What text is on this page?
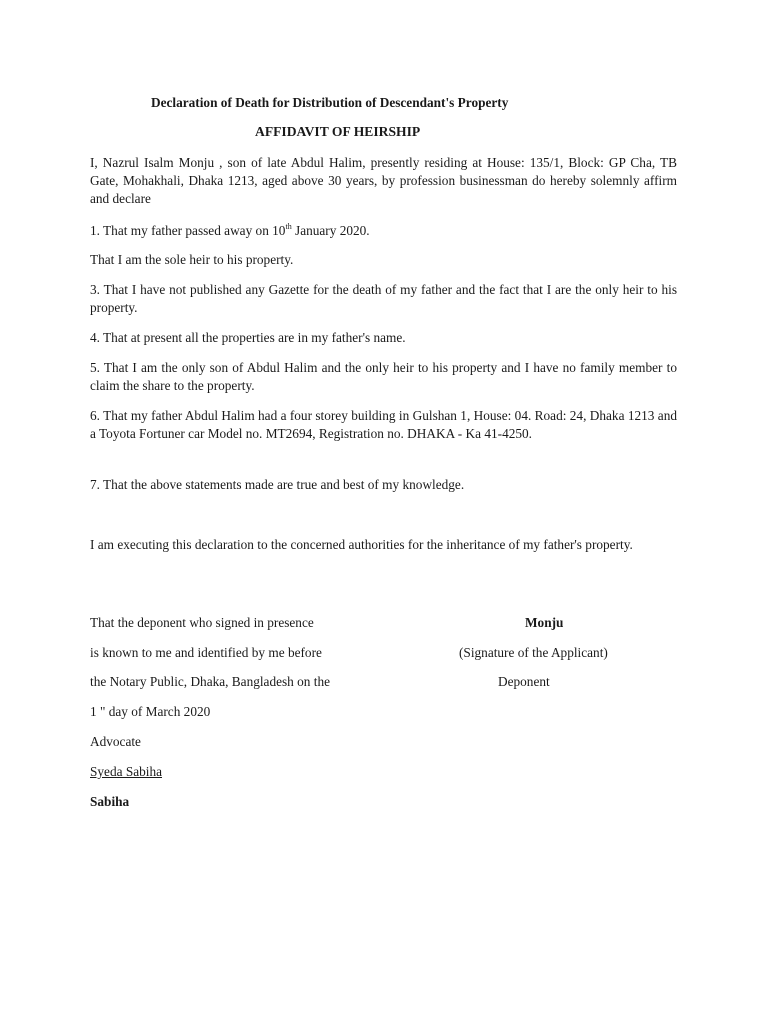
Declaration of Death for Distribution of Descendant's Property
AFFIDAVIT OF HEIRSHIP
I, Nazrul Isalm Monju , son of late Abdul Halim, presently residing at House: 135/1, Block: GP Cha, TB Gate, Mohakhali, Dhaka 1213, aged above 30 years, by profession businessman do hereby solemnly affirm and declare
1. That my father passed away on 10th January 2020.
That I am the sole heir to his property.
3. That I have not published any Gazette for the death of my father and the fact that I are the only heir to his property.
4. That at present all the properties are in my father's name.
5. That I am the only son of Abdul Halim and the only heir to his property and I have no family member to claim the share to the property.
6. That my father Abdul Halim had a four storey building in Gulshan 1, House: 04. Road: 24, Dhaka 1213 and a Toyota Fortuner car Model no. MT2694, Registration no. DHAKA - Ka 41-4250.
7. That the above statements made are true and best of my knowledge.
I am executing this declaration to the concerned authorities for the inheritance of my father's property.
That the deponent who signed in presence
is known to me and identified by me before
the Notary Public, Dhaka, Bangladesh on the
1 " day of March 2020
Advocate
Syeda Sabiha
Sabiha
Monju
(Signature of the Applicant)
Deponent
